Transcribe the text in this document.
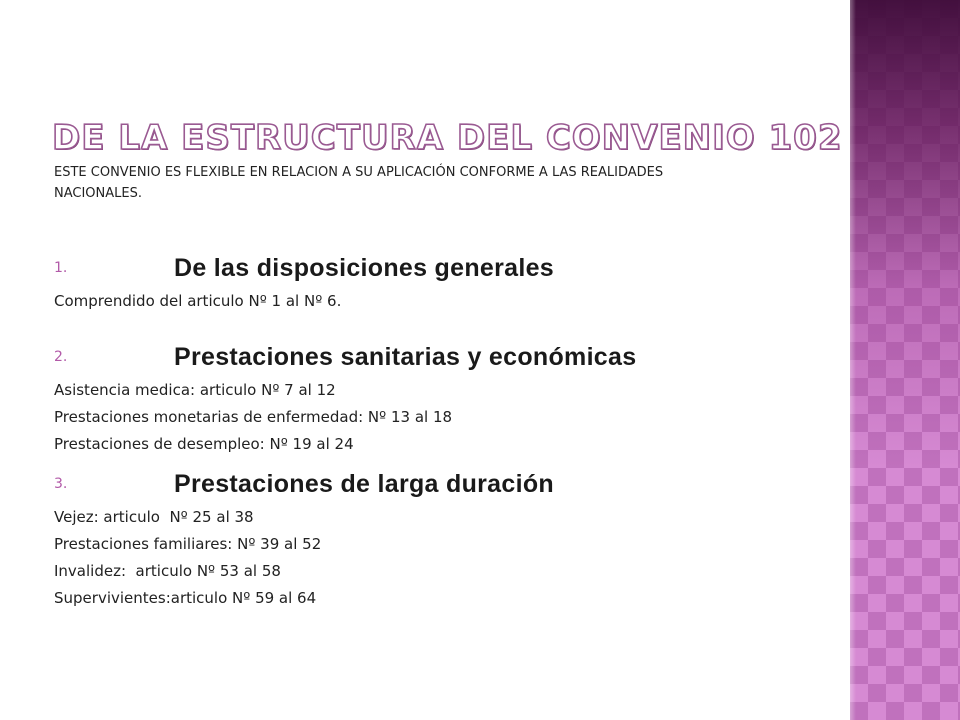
DE LA ESTRUCTURA DEL CONVENIO 102
ESTE CONVENIO ES FLEXIBLE EN RELACION A SU APLICACIÓN CONFORME A LAS REALIDADES NACIONALES.
1.	De las disposiciones generales
Comprendido del articulo Nº 1 al Nº 6.
2.	Prestaciones sanitarias y económicas
Asistencia medica: articulo Nº 7 al 12
Prestaciones monetarias de enfermedad: Nº 13 al 18
Prestaciones de desempleo: Nº 19 al 24
3.	Prestaciones de larga duración
Vejez: articulo  Nº 25 al 38
Prestaciones familiares: Nº 39 al 52
Invalidez:  articulo Nº 53 al 58
Supervivientes:articulo Nº 59 al 64
